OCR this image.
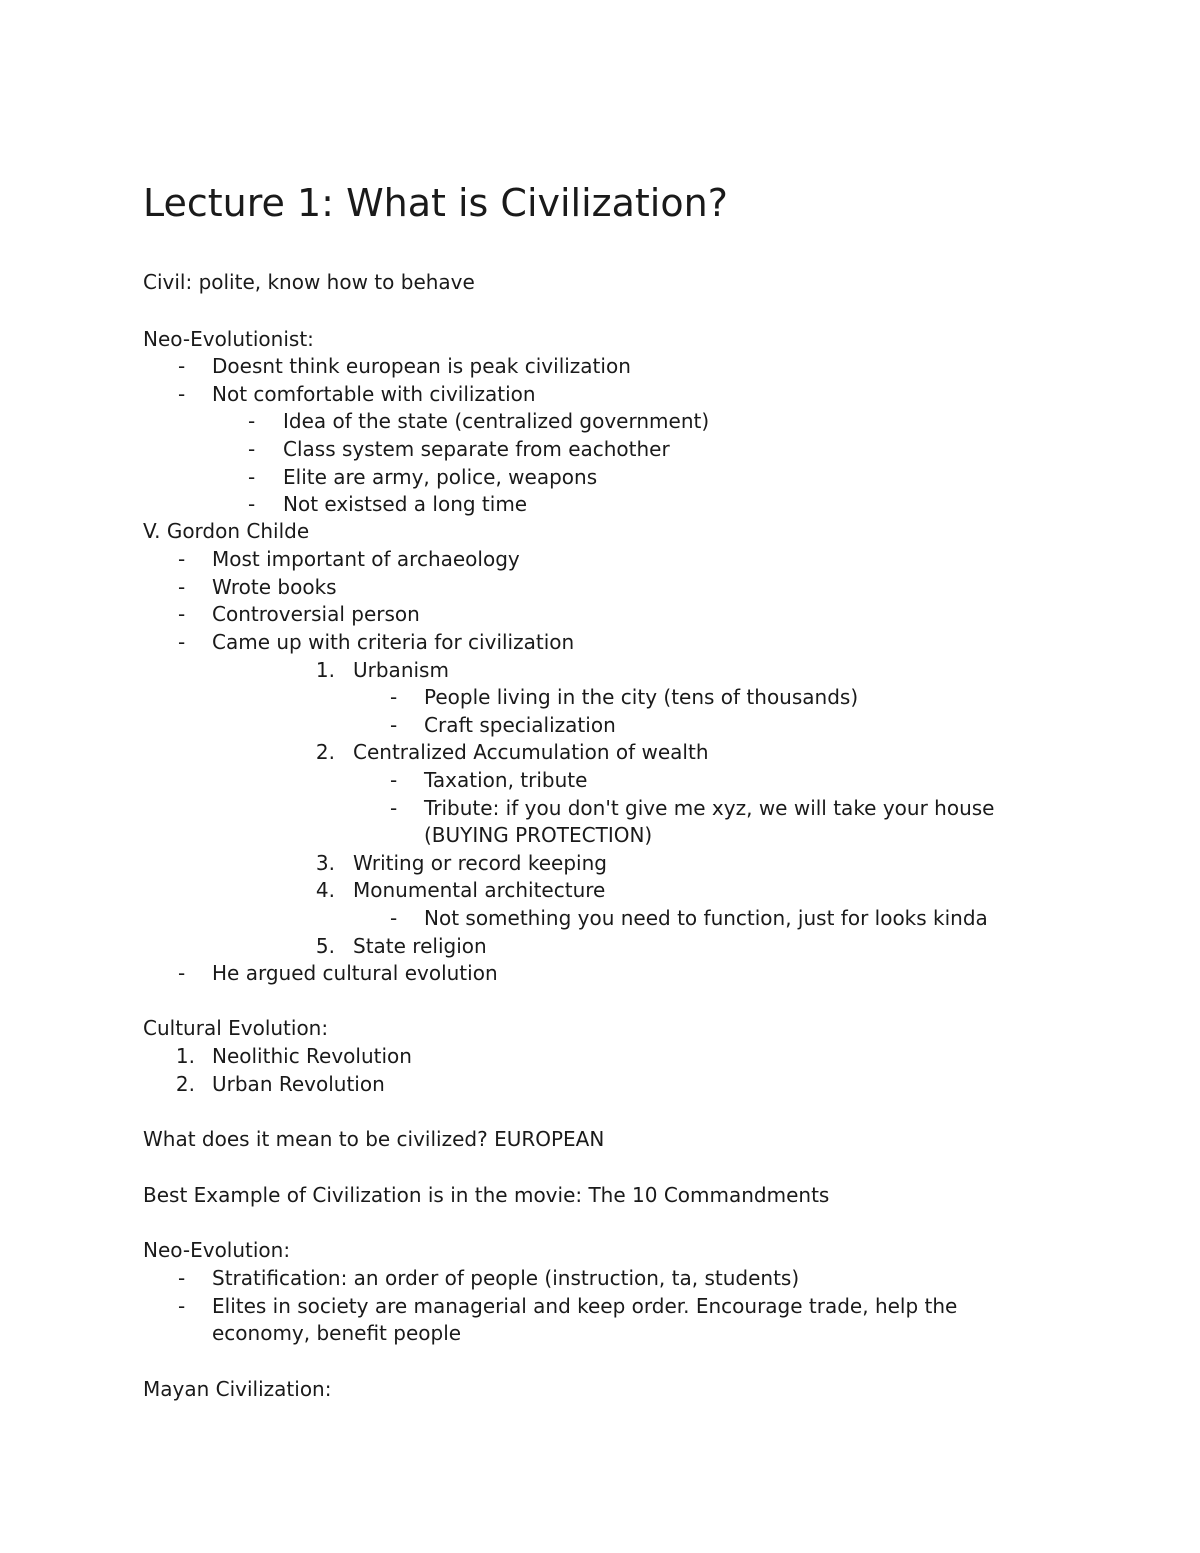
Lecture 1: What is Civilization?
Civil: polite, know how to behave
Neo-Evolutionist:
- Doesnt think european is peak civilization
- Not comfortable with civilization
- Idea of the state (centralized government)
- Class system separate from eachother
- Elite are army, police, weapons
- Not existsed a long time
V. Gordon Childe
- Most important of archaeology
- Wrote books
- Controversial person
- Came up with criteria for civilization
1. Urbanism
- People living in the city (tens of thousands)
- Craft specialization
2. Centralized Accumulation of wealth
- Taxation, tribute
- Tribute: if you don't give me xyz, we will take your house
(BUYING PROTECTION)
3. Writing or record keeping
4. Monumental architecture
- Not something you need to function, just for looks kinda
5. State religion
- He argued cultural evolution
Cultural Evolution:
1. Neolithic Revolution
2. Urban Revolution
What does it mean to be civilized? EUROPEAN
Best Example of Civilization is in the movie: The 10 Commandments
Neo-Evolution:
- Stratification: an order of people (instruction, ta, students)
- Elites in society are managerial and keep order. Encourage trade, help the
economy, benefit people
Mayan Civilization:
